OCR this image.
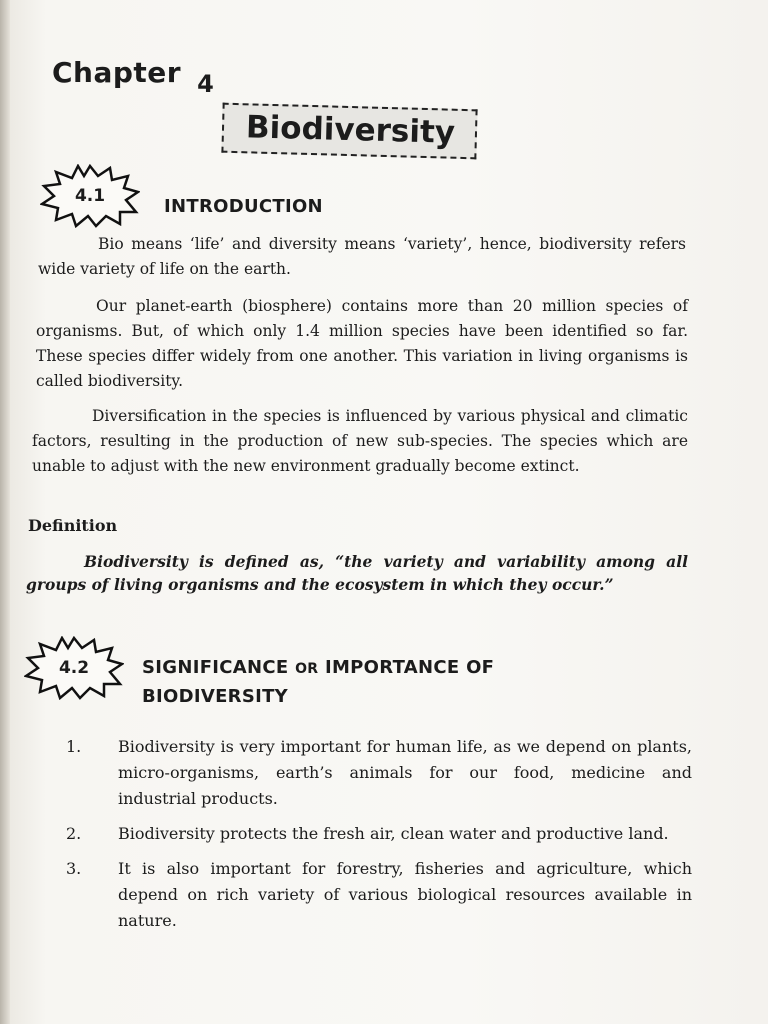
Chapter 4
Biodiversity
4.1	INTRODUCTION

Bio means ‘life’ and diversity means ‘variety’, hence, biodiversity refers wide variety of life on the earth.

Our planet-earth (biosphere) contains more than 20 million species of organisms. But, of which only 1.4 million species have been identified so far. These species differ widely from one another. This variation in living organisms is called biodiversity.

Diversification in the species is influenced by various physical and climatic factors, resulting in the production of new sub-species. The species which are unable to adjust with the new environment gradually become extinct.

Definition

Biodiversity is defined as, “the variety and variability among all groups of living organisms and the ecosystem in which they occur.”

4.2	SIGNIFICANCE OR IMPORTANCE OF
BIODIVERSITY
1.	Biodiversity is very important for human life, as we depend on plants, micro-organisms, earth’s animals for our food, medicine and industrial products.
2.	Biodiversity protects the fresh air, clean water and productive land.
3.	It is also important for forestry, fisheries and agriculture, which depend on rich variety of various biological resources available in nature.
